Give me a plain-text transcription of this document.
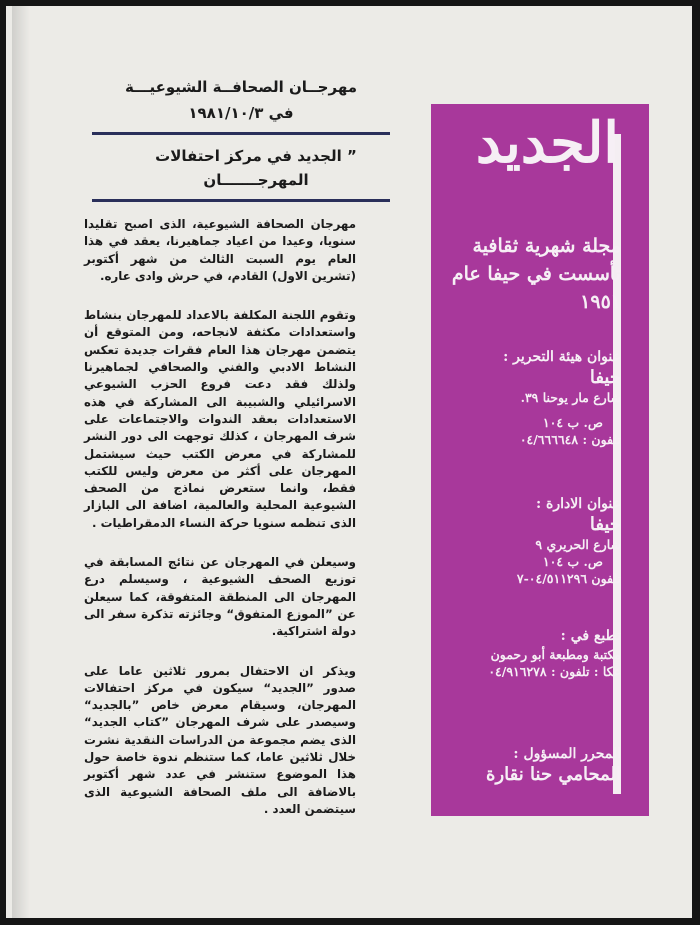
مهرجــان الصحافــة الشيوعيـــة

في ١٩٨١/١٠/٣

” الجديد في مركز احتفالات

المهرجـــــــان

مهرجان الصحافة الشيوعية، الذى اصبح تقليدا سنويا، وعيدا من اعياد جماهيرنا، يعقد في هذا العام يوم السبت الثالث من شهر أكتوبر (تشرين الاول) القادم، في حرش وادى عاره.

وتقوم اللجنة المكلفة بالاعداد للمهرجان بنشاط واستعدادات مكثفة لانجاحه، ومن المتوقع أن يتضمن مهرجان هذا العام فقرات جديدة تعكس النشاط الادبي والفني والصحافي لجماهيرنا ولذلك فقد دعت فروع الحزب الشيوعي الاسرائيلي والشبيبة الى المشاركة في هذه الاستعدادات بعقد الندوات والاجتماعات على شرف المهرجان ، كذلك توجهت الى دور النشر للمشاركة في معرض الكتب حيث سيشتمل المهرجان على أكثر من معرض وليس للكتب فقط، وانما ستعرض نماذج من الصحف الشيوعية المحلية والعالمية، اضافة الى البازار الذى تنظمه سنويا حركة النساء الدمقراطيات .

وسيعلن في المهرجان عن نتائج المسابقة في توزيع الصحف الشيوعية ، وسيسلم درع المهرجان الى المنطقة المتفوقة، كما سيعلن عن ”الموزع المتفوق“ وجائزته تذكرة سفر الى دولة اشتراكية.

ويذكر ان الاحتفال بمرور ثلاثين عاما على صدور ”الجديد“ سيكون في مركز احتفالات المهرجان، وسيقام معرض خاص ”بالجديد“ وسيصدر على شرف المهرجان ”كتاب الجديد“ الذى يضم مجموعة من الدراسات النقدية نشرت خلال ثلاثين عاما، كما ستنظم ندوة خاصة حول هذا الموضوع ستنشر في عدد شهر أكتوبر بالاضافة الى ملف الصحافة الشيوعية الذى سيتضمن العدد .

الجديد

مجلة شهرية ثقافية

تأسست في حيفا عام ١٩٥١

عنوان هيئة التحرير :

حيفا

شارع مار يوحنا ٣٩.

ص. ب ١٠٤

تلفون : ٠٤/٦٦٦٦٤٨

عنوان الادارة :

حيفا

شارع الحريري ٩

ص. ب ١٠٤

تلفون ٠٤/٥١١٢٩٦-٧

تطبع في :

مكتبة ومطبعة أبو رحمون

عكا : تلفون : ٠٤/٩١٦٢٧٨

المحرر المسؤول :

المحامي حنا نقارة
